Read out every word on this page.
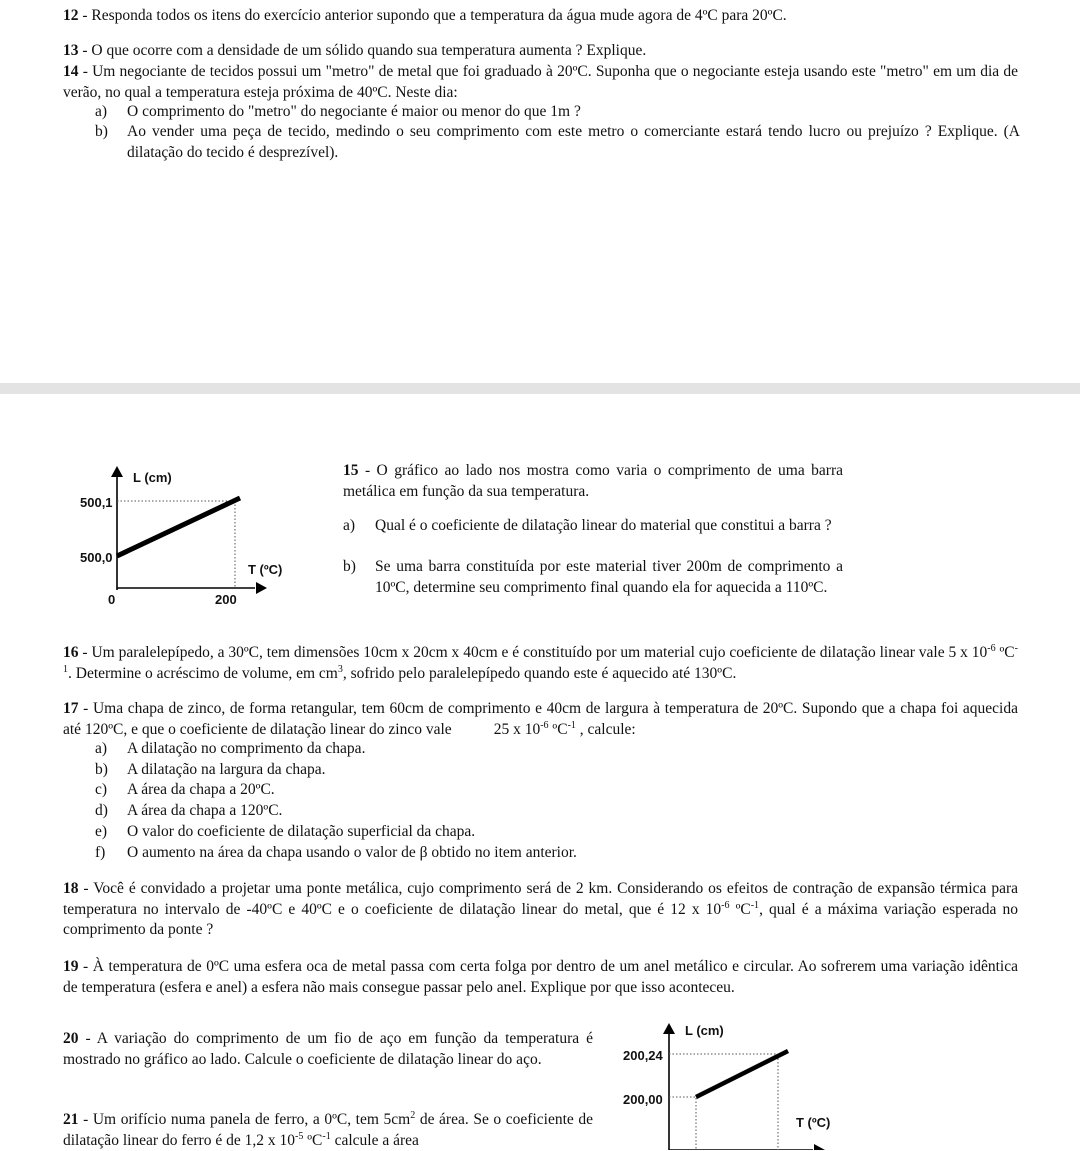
12 - Responda todos os itens do exercício anterior supondo que a temperatura da água mude agora de 4ºC para 20ºC.
13 - O que ocorre com a densidade de um sólido quando sua temperatura aumenta ? Explique.
14 - Um negociante de tecidos possui um "metro" de metal que foi graduado à 20ºC. Suponha que o negociante esteja usando este "metro" em um dia de verão, no qual a temperatura esteja próxima de 40ºC. Neste dia:
a) O comprimento do "metro" do negociante é maior ou menor do que 1m ?
b) Ao vender uma peça de tecido, medindo o seu comprimento com este metro o comerciante estará tendo lucro ou prejuízo ? Explique. (A dilatação do tecido é desprezível).
L (cm)
500,1
500,0
T (ºC)
0	200
15 - O gráfico ao lado nos mostra como varia o comprimento de uma barra metálica em função da sua temperatura.
a) Qual é o coeficiente de dilatação linear do material que constitui a barra ?
b) Se uma barra constituída por este material tiver 200m de comprimento a 10ºC, determine seu comprimento final quando ela for aquecida a 110ºC.
16 - Um paralelepípedo, a 30ºC, tem dimensões 10cm x 20cm x 40cm e é constituído por um material cujo coeficiente de dilatação linear vale 5 x $10^{-6}$ ºC$^{-1}$. Determine o acréscimo de volume, em $cm^3$, sofrido pelo paralelepípedo quando este é aquecido até 130ºC.
17 - Uma chapa de zinco, de forma retangular, tem 60cm de comprimento e 40cm de largura à temperatura de 20ºC. Supondo que a chapa foi aquecida até 120ºC, e que o coeficiente de dilatação linear do zinco vale	25 x $10^{-6}$ ºC$^{-1}$ , calcule:
a) A dilatação no comprimento da chapa.
b) A dilatação na largura da chapa.
c) A área da chapa a 20ºC.
d) A área da chapa a 120ºC.
e) O valor do coeficiente de dilatação superficial da chapa.
f) O aumento na área da chapa usando o valor de β obtido no item anterior.
18 - Você é convidado a projetar uma ponte metálica, cujo comprimento será de 2 km. Considerando os efeitos de contração de expansão térmica para temperatura no intervalo de -40ºC e 40ºC e o coeficiente de dilatação linear do metal, que é 12 x $10^{-6}$ ºC$^{-1}$, qual é a máxima variação esperada no comprimento da ponte ?
19 - À temperatura de 0ºC uma esfera oca de metal passa com certa folga por dentro de um anel metálico e circular. Ao sofrerem uma variação idêntica de temperatura (esfera e anel) a esfera não mais consegue passar pelo anel. Explique por que isso aconteceu.
20 - A variação do comprimento de um fio de aço em função da temperatura é mostrado no gráfico ao lado. Calcule o coeficiente de dilatação linear do aço.
L (cm)
200,24
200,00
T (ºC)
21 - Um orifício numa panela de ferro, a 0ºC, tem $5cm^2$ de área. Se o coeficiente de dilatação linear do ferro é de 1,2 x $10^{-5}$ ºC$^{-1}$ calcule a área
